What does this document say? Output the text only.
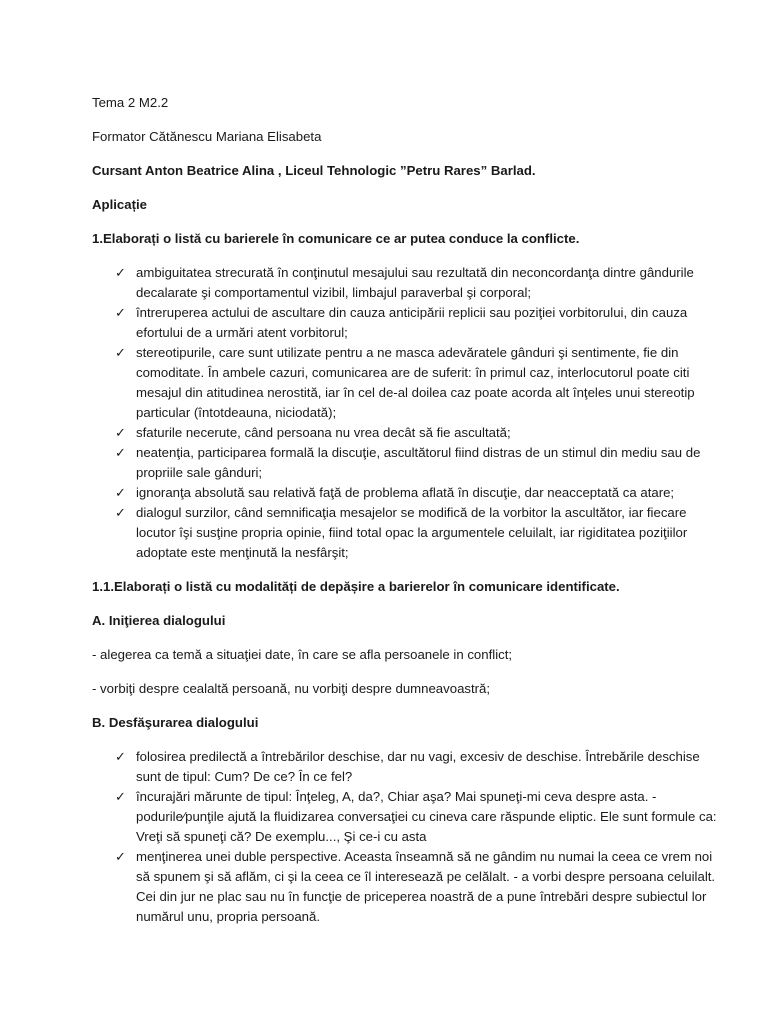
Tema 2 M2.2

Formator Cătănescu Mariana Elisabeta

Cursant Anton Beatrice Alina , Liceul Tehnologic ”Petru Rares” Barlad.

Aplicație

1.Elaborați o listă cu barierele în comunicare ce ar putea conduce la conflicte.

✓ ambiguitatea strecurată în conţinutul mesajului sau rezultată din neconcordanţa dintre gândurile decalarate şi comportamentul vizibil, limbajul paraverbal şi corporal;
✓ întreruperea actului de ascultare din cauza anticipării replicii sau poziţiei vorbitorului, din cauza efortului de a urmări atent vorbitorul;
✓ stereotipurile, care sunt utilizate pentru a ne masca adevăratele gânduri şi sentimente, fie din comoditate. În ambele cazuri, comunicarea are de suferit: în primul caz, interlocutorul poate citi mesajul din atitudinea nerostită, iar în cel de-al doilea caz poate acorda alt înţeles unui stereotip particular (întotdeauna, niciodată);
✓ sfaturile necerute, când persoana nu vrea decât să fie ascultată;
✓ neatenţia, participarea formală la discuţie, ascultătorul fiind distras de un stimul din mediu sau de propriile sale gânduri;
✓ ignoranţa absolută sau relativă faţă de problema aflată în discuţie, dar neacceptată ca atare;
✓ dialogul surzilor, când semnificaţia mesajelor se modifică de la vorbitor la ascultător, iar fiecare locutor îşi susţine propria opinie, fiind total opac la argumentele celuilalt, iar rigiditatea poziţiilor adoptate este menţinută la nesfârşit;

1.1.Elaborați o listă cu modalități de depășire a barierelor în comunicare identificate.

A. Iniţierea dialogului

- alegerea ca temă a situaţiei date, în care se afla persoanele in conflict;

- vorbiţi despre cealaltă persoană, nu vorbiţi despre dumneavoastră;

B. Desfăşurarea dialogului

✓ folosirea predilectă a întrebărilor deschise, dar nu vagi, excesiv de deschise. Întrebările deschise sunt de tipul: Cum? De ce? În ce fel?
✓ încurajări mărunte de tipul: Înţeleg, A, da?, Chiar aşa? Mai spuneţi-mi ceva despre asta. - podurile⁄punţile ajută la fluidizarea conversaţiei cu cineva care răspunde eliptic. Ele sunt formule ca: Vreţi să spuneţi că? De exemplu..., Şi ce-i cu asta
✓ menţinerea unei duble perspective. Aceasta înseamnă să ne gândim nu numai la ceea ce vrem noi să spunem şi să aflăm, ci şi la ceea ce îl interesează pe celălalt. - a vorbi despre persoana celuilalt. Cei din jur ne plac sau nu în funcţie de priceperea noastră de a pune întrebări despre subiectul lor numărul unu, propria persoană.
